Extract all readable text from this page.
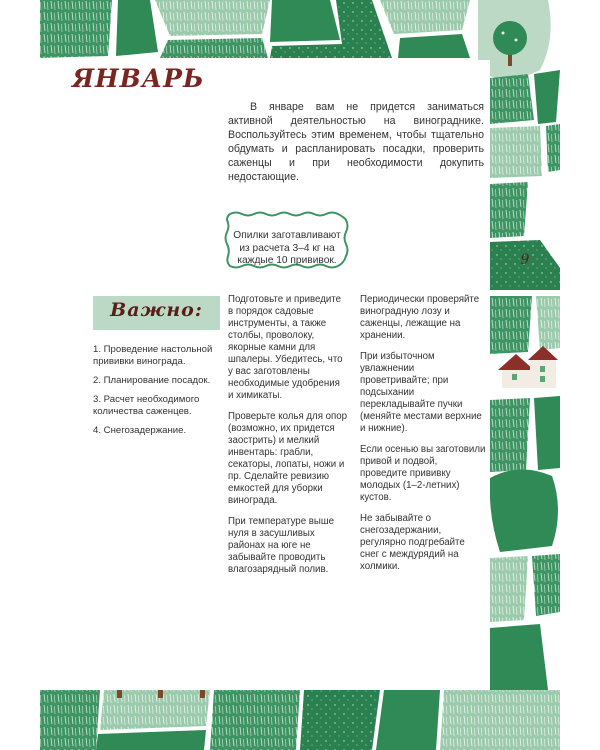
ЯНВАРЬ

В январе вам не придется заниматься активной деятельностью на винограднике. Воспользуйтесь этим временем, чтобы тщательно обдумать и распланировать посадки, проверить саженцы и при необходимости докупить недостающие.

Опилки заготавливают из расчета 3–4 кг на каждые 10 прививок.

Важно:

1. Проведение настольной прививки винограда.
2. Планирование посадок.
3. Расчет необходимого количества саженцев.
4. Снегозадержание.

Подготовьте и приведите в порядок садовые инструменты, а также столбы, проволоку, якорные камни для шпалеры. Убедитесь, что у вас заготовлены необходимые удобрения и химикаты.

Проверьте колья для опор (возможно, их придется заострить) и мелкий инвентарь: грабли, секаторы, лопаты, ножи и пр. Сделайте ревизию емкостей для уборки винограда.

При температуре выше нуля в засушливых районах на юге не забывайте проводить влагозарядный полив.

Периодически проверяйте виноградную лозу и саженцы, лежащие на хранении.

При избыточном увлажнении проветривайте; при подсыхании перекладывайте пучки (меняйте местами верхние и нижние).

Если осенью вы заготовили привой и подвой, проведите прививку молодых (1–2-летних) кустов.

Не забывайте о снегозадержании, регулярно подгребайте снег с междурядий на холмики.

9
